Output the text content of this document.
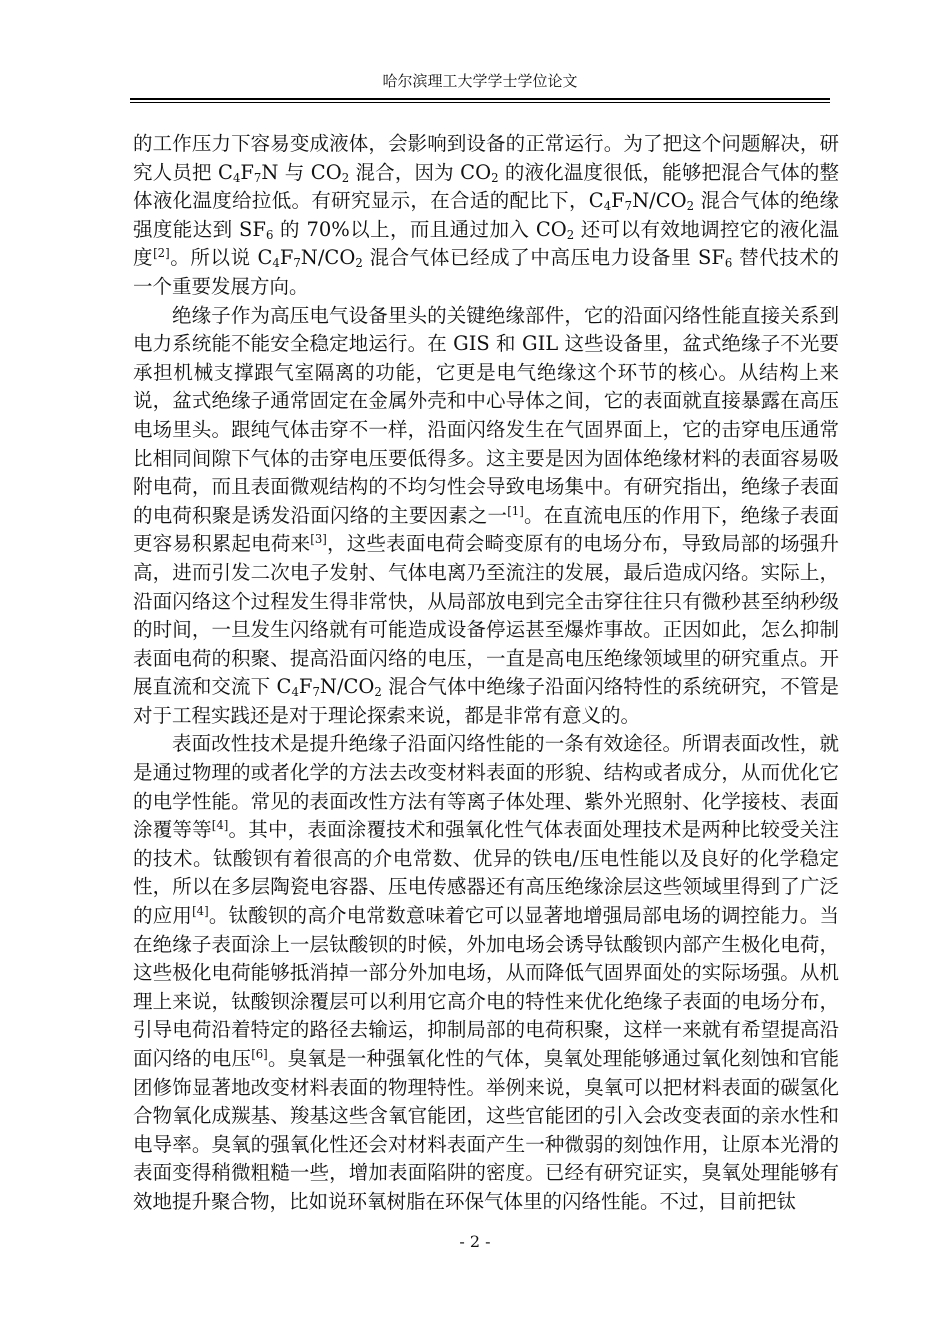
哈尔滨理工大学学士学位论文

的工作压力下容易变成液体，会影响到设备的正常运行。为了把这个问题解决，研究人员把 $C_4F_7N$ 与 $CO_2$ 混合，因为 $CO_2$ 的液化温度很低，能够把混合气体的整体液化温度给拉低。有研究显示，在合适的配比下，$C_4F_7N/CO_2$ 混合气体的绝缘强度能达到 $SF_6$ 的 70%以上，而且通过加入 $CO_2$ 还可以有效地调控它的液化温度[2]。所以说 $C_4F_7N/CO_2$ 混合气体已经成了中高压电力设备里 $SF_6$ 替代技术的一个重要发展方向。

绝缘子作为高压电气设备里头的关键绝缘部件，它的沿面闪络性能直接关系到电力系统能不能安全稳定地运行。在 GIS 和 GIL 这些设备里，盆式绝缘子不光要承担机械支撑跟气室隔离的功能，它更是电气绝缘这个环节的核心。从结构上来说，盆式绝缘子通常固定在金属外壳和中心导体之间，它的表面就直接暴露在高压电场里头。跟纯气体击穿不一样，沿面闪络发生在气固界面上，它的击穿电压通常比相同间隙下气体的击穿电压要低得多。这主要是因为固体绝缘材料的表面容易吸附电荷，而且表面微观结构的不均匀性会导致电场集中。有研究指出，绝缘子表面的电荷积聚是诱发沿面闪络的主要因素之一[1]。在直流电压的作用下，绝缘子表面更容易积累起电荷来[3]，这些表面电荷会畸变原有的电场分布，导致局部的场强升高，进而引发二次电子发射、气体电离乃至流注的发展，最后造成闪络。实际上，沿面闪络这个过程发生得非常快，从局部放电到完全击穿往往只有微秒甚至纳秒级的时间，一旦发生闪络就有可能造成设备停运甚至爆炸事故。正因如此，怎么抑制表面电荷的积聚、提高沿面闪络的电压，一直是高电压绝缘领域里的研究重点。开展直流和交流下 $C_4F_7N/CO_2$ 混合气体中绝缘子沿面闪络特性的系统研究，不管是对于工程实践还是对于理论探索来说，都是非常有意义的。

表面改性技术是提升绝缘子沿面闪络性能的一条有效途径。所谓表面改性，就是通过物理的或者化学的方法去改变材料表面的形貌、结构或者成分，从而优化它的电学性能。常见的表面改性方法有等离子体处理、紫外光照射、化学接枝、表面涂覆等等[4]。其中，表面涂覆技术和强氧化性气体表面处理技术是两种比较受关注的技术。钛酸钡有着很高的介电常数、优异的铁电/压电性能以及良好的化学稳定性，所以在多层陶瓷电容器、压电传感器还有高压绝缘涂层这些领域里得到了广泛的应用[4]。钛酸钡的高介电常数意味着它可以显著地增强局部电场的调控能力。当在绝缘子表面涂上一层钛酸钡的时候，外加电场会诱导钛酸钡内部产生极化电荷，这些极化电荷能够抵消掉一部分外加电场，从而降低气固界面处的实际场强。从机理上来说，钛酸钡涂覆层可以利用它高介电的特性来优化绝缘子表面的电场分布，引导电荷沿着特定的路径去输运，抑制局部的电荷积聚，这样一来就有希望提高沿面闪络的电压[6]。臭氧是一种强氧化性的气体，臭氧处理能够通过氧化刻蚀和官能团修饰显著地改变材料表面的物理特性。举例来说，臭氧可以把材料表面的碳氢化合物氧化成羰基、羧基这些含氧官能团，这些官能团的引入会改变表面的亲水性和电导率。臭氧的强氧化性还会对材料表面产生一种微弱的刻蚀作用，让原本光滑的表面变得稍微粗糙一些，增加表面陷阱的密度。已经有研究证实，臭氧处理能够有效地提升聚合物，比如说环氧树脂在环保气体里的闪络性能。不过，目前把钛

- 2 -
